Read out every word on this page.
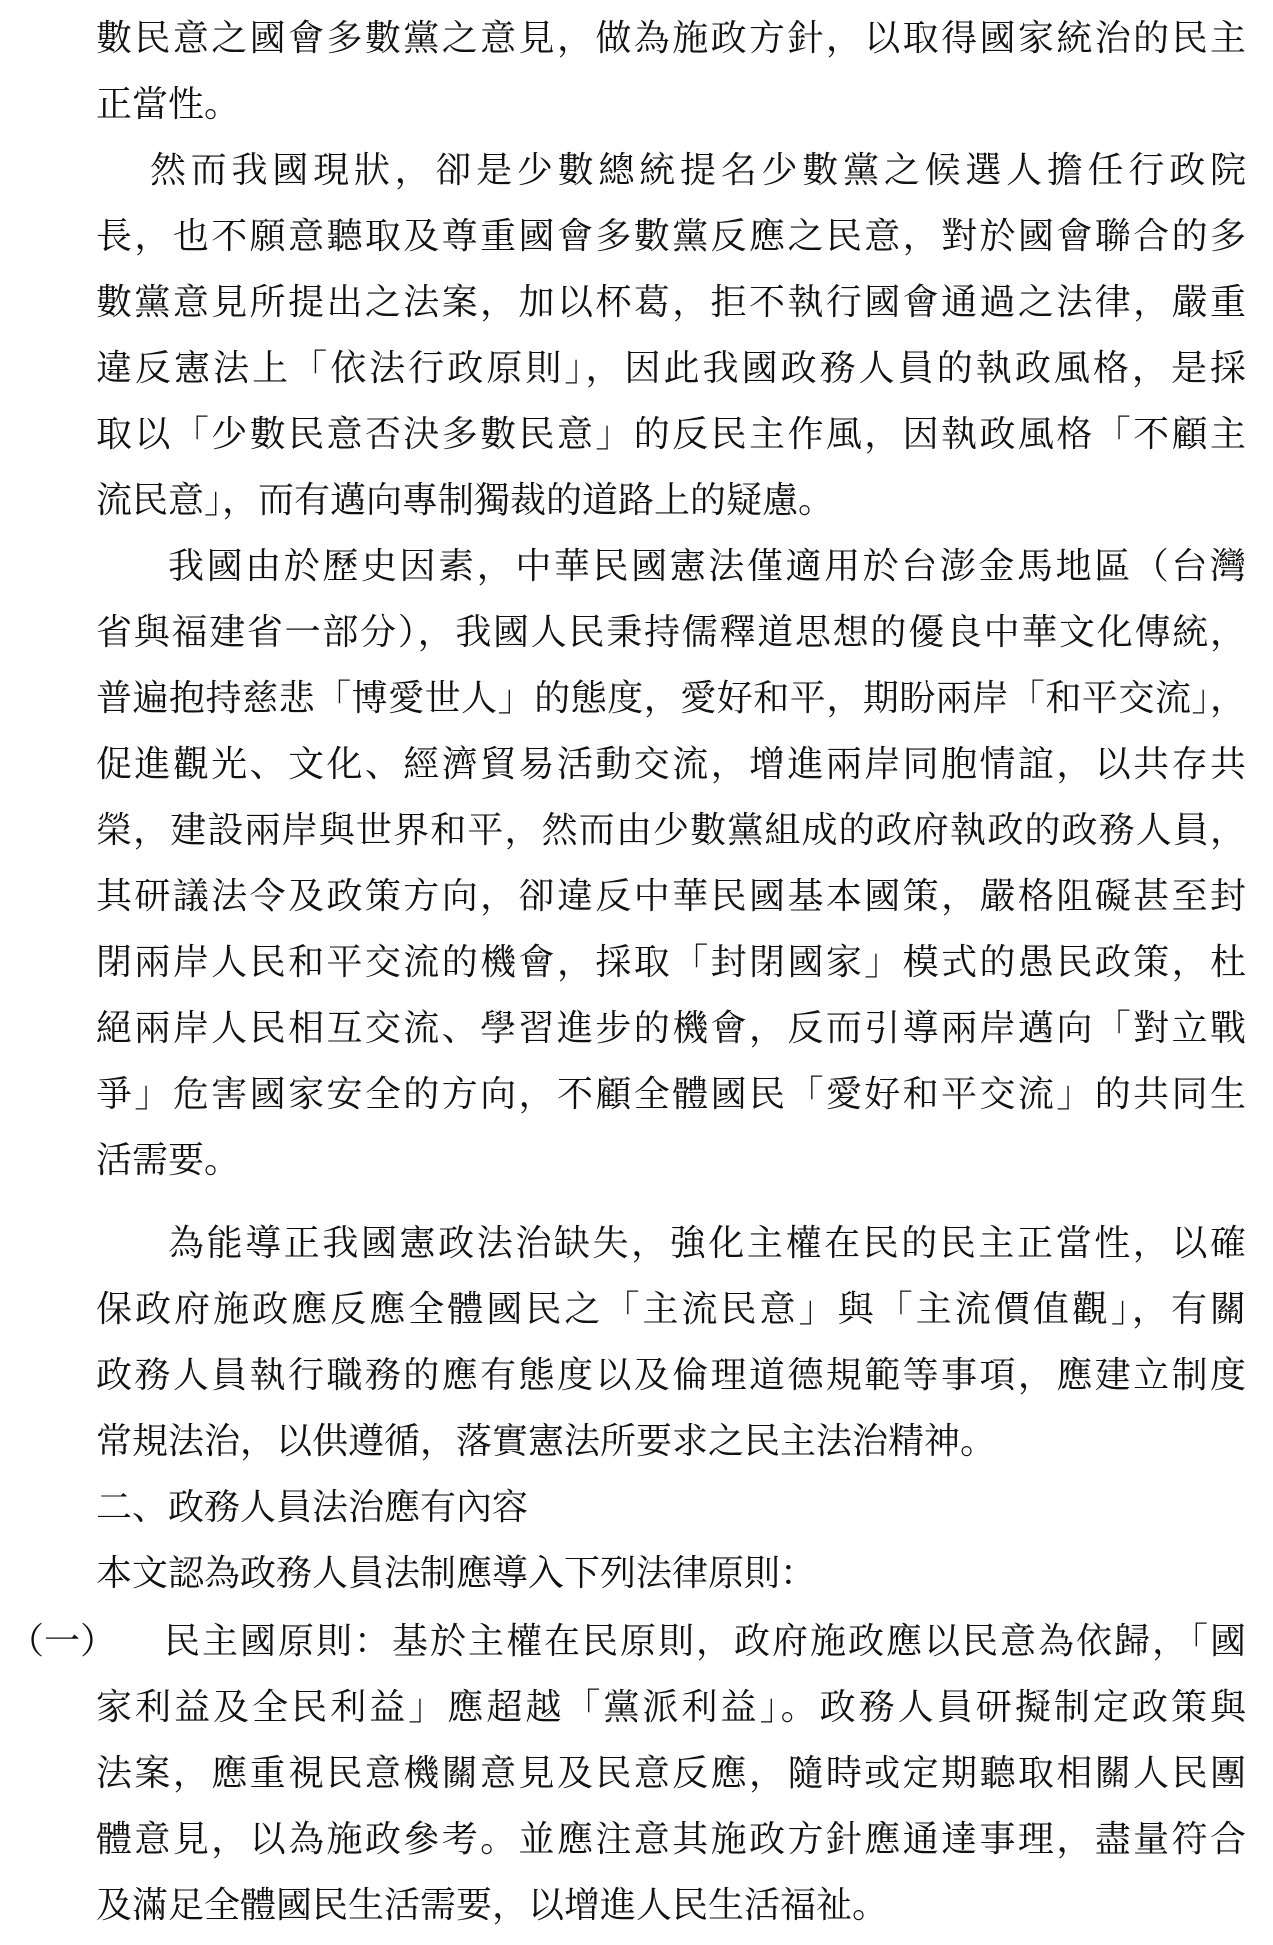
數民意之國會多數黨之意見，做為施政方針，以取得國家統治的民主
正當性。
然而我國現狀，卻是少數總統提名少數黨之候選人擔任行政院
長，也不願意聽取及尊重國會多數黨反應之民意，對於國會聯合的多
數黨意見所提出之法案，加以杯葛，拒不執行國會通過之法律，嚴重
違反憲法上「依法行政原則」，因此我國政務人員的執政風格，是採
取以「少數民意否決多數民意」的反民主作風，因執政風格「不顧主
流民意」，而有邁向專制獨裁的道路上的疑慮。
我國由於歷史因素，中華民國憲法僅適用於台澎金馬地區（台灣
省與福建省一部分），我國人民秉持儒釋道思想的優良中華文化傳統，
普遍抱持慈悲「博愛世人」的態度，愛好和平，期盼兩岸「和平交流」，
促進觀光、文化、經濟貿易活動交流，增進兩岸同胞情誼，以共存共
榮，建設兩岸與世界和平，然而由少數黨組成的政府執政的政務人員，
其研議法令及政策方向，卻違反中華民國基本國策，嚴格阻礙甚至封
閉兩岸人民和平交流的機會，採取「封閉國家」模式的愚民政策，杜
絕兩岸人民相互交流、學習進步的機會，反而引導兩岸邁向「對立戰
爭」危害國家安全的方向，不顧全體國民「愛好和平交流」的共同生
活需要。
為能導正我國憲政法治缺失，強化主權在民的民主正當性，以確
保政府施政應反應全體國民之「主流民意」與「主流價值觀」，有關
政務人員執行職務的應有態度以及倫理道德規範等事項，應建立制度
常規法治，以供遵循，落實憲法所要求之民主法治精神。
二、政務人員法治應有內容
本文認為政務人員法制應導入下列法律原則：
（一） 民主國原則：基於主權在民原則，政府施政應以民意為依歸，「國
家利益及全民利益」應超越「黨派利益」。政務人員研擬制定政策與
法案，應重視民意機關意見及民意反應，隨時或定期聽取相關人民團
體意見，以為施政參考。並應注意其施政方針應通達事理，盡量符合
及滿足全體國民生活需要，以增進人民生活福祉。
